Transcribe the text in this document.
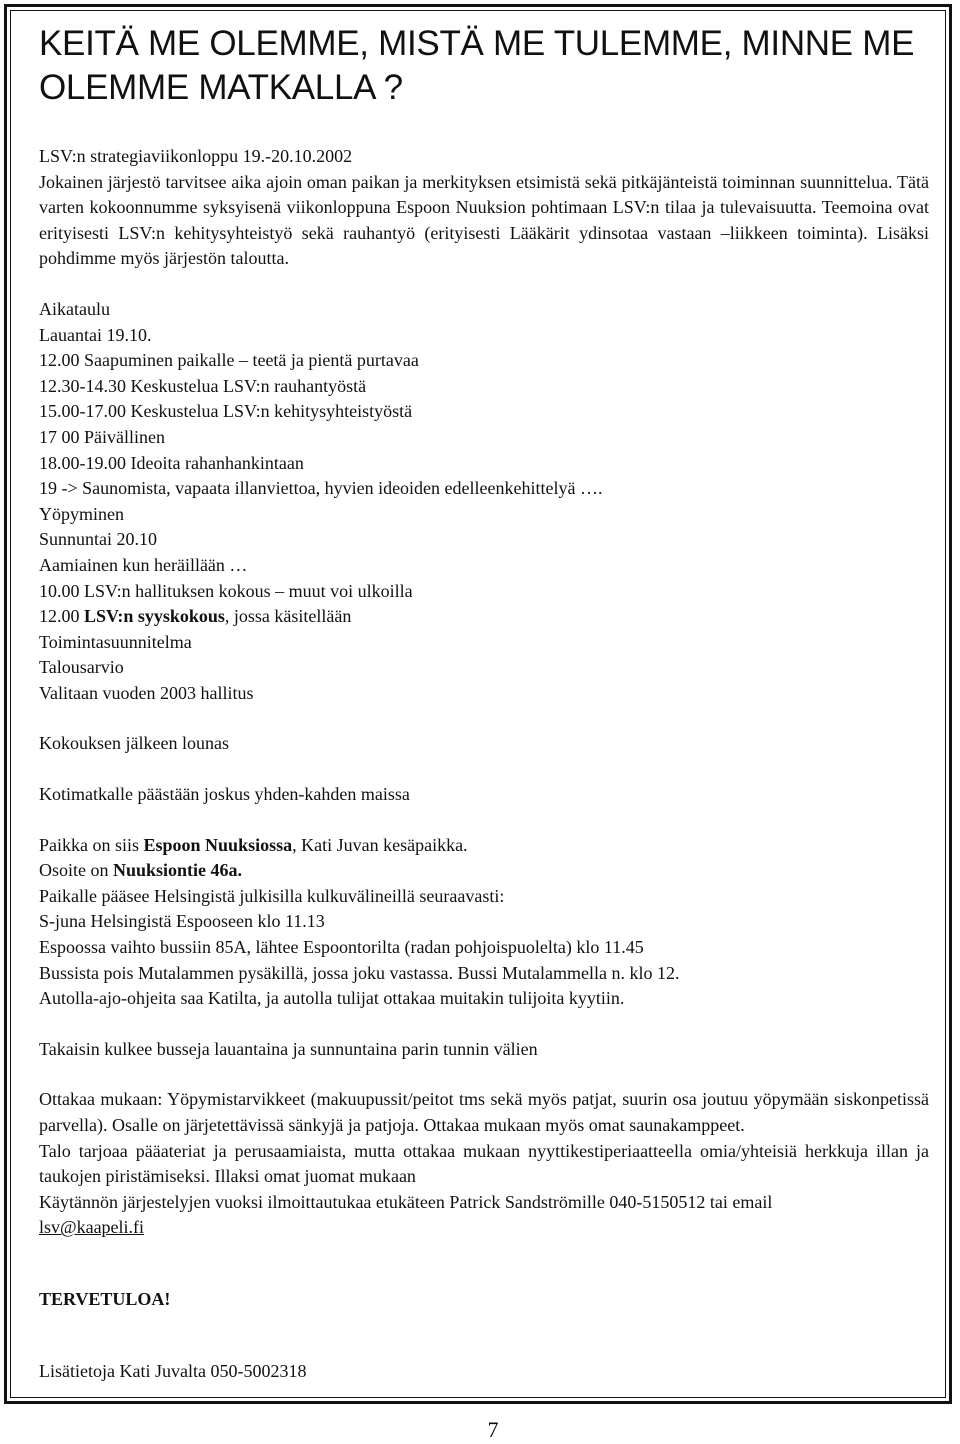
KEITÄ ME OLEMME, MISTÄ ME TULEMME, MINNE ME OLEMME MATKALLA ?

LSV:n strategiaviikonloppu 19.-20.10.2002

Jokainen järjestö tarvitsee aika ajoin oman paikan ja merkityksen etsimistä sekä pitkäjänteistä toiminnan suunnittelua. Tätä varten kokoonnumme syksyisenä viikonloppuna Espoon Nuuksion pohtimaan LSV:n tilaa ja tulevaisuutta. Teemoina ovat erityisesti LSV:n kehitysyhteistyö sekä rauhantyö (erityisesti Lääkärit ydinsotaa vastaan –liikkeen toiminta). Lisäksi pohdimme myös järjestön taloutta.

Aikataulu

Lauantai 19.10.

12.00 Saapuminen paikalle – teetä ja pientä purtavaa

12.30-14.30 Keskustelua LSV:n rauhantyöstä

15.00-17.00 Keskustelua LSV:n kehitysyhteistyöstä

17 00 Päivällinen

18.00-19.00 Ideoita rahanhankintaan

19 -> Saunomista, vapaata illanviettoa, hyvien ideoiden edelleenkehittelyä ….

Yöpyminen

Sunnuntai 20.10

Aamiainen kun heräillään …

10.00 LSV:n hallituksen kokous – muut voi ulkoilla

12.00 LSV:n syyskokous, jossa käsitellään

Toimintasuunnitelma

Talousarvio

Valitaan vuoden 2003 hallitus

Kokouksen jälkeen lounas

Kotimatkalle päästään joskus yhden-kahden maissa

Paikka on siis Espoon Nuuksiossa, Kati Juvan kesäpaikka.

Osoite on Nuuksiontie 46a.

Paikalle pääsee Helsingistä julkisilla kulkuvälineillä seuraavasti:

S-juna Helsingistä Espooseen klo 11.13

Espoossa vaihto bussiin 85A, lähtee Espoontorilta (radan pohjoispuolelta) klo 11.45

Bussista pois Mutalammen pysäkillä, jossa joku vastassa. Bussi Mutalammella n. klo 12.

Autolla-ajo-ohjeita saa Katilta, ja autolla tulijat ottakaa muitakin tulijoita kyytiin.

Takaisin kulkee busseja lauantaina ja sunnuntaina parin tunnin välien

Ottakaa mukaan: Yöpymistarvikkeet (makuupussit/peitot tms sekä myös patjat, suurin osa joutuu yöpymään siskonpetissä parvella). Osalle on järjetettävissä sänkyjä ja patjoja. Ottakaa mukaan myös omat saunakamppeet.

Talo tarjoaa pääateriat ja perusaamiaista, mutta ottakaa mukaan nyyttikestiperiaatteella omia/yhteisiä herkkuja illan ja taukojen piristämiseksi. Illaksi omat juomat mukaan

Käytännön järjestelyjen vuoksi ilmoittautukaa etukäteen Patrick Sandströmille 040-5150512 tai email

lsv@kaapeli.fi

TERVETULOA!

Lisätietoja Kati Juvalta 050-5002318

7
